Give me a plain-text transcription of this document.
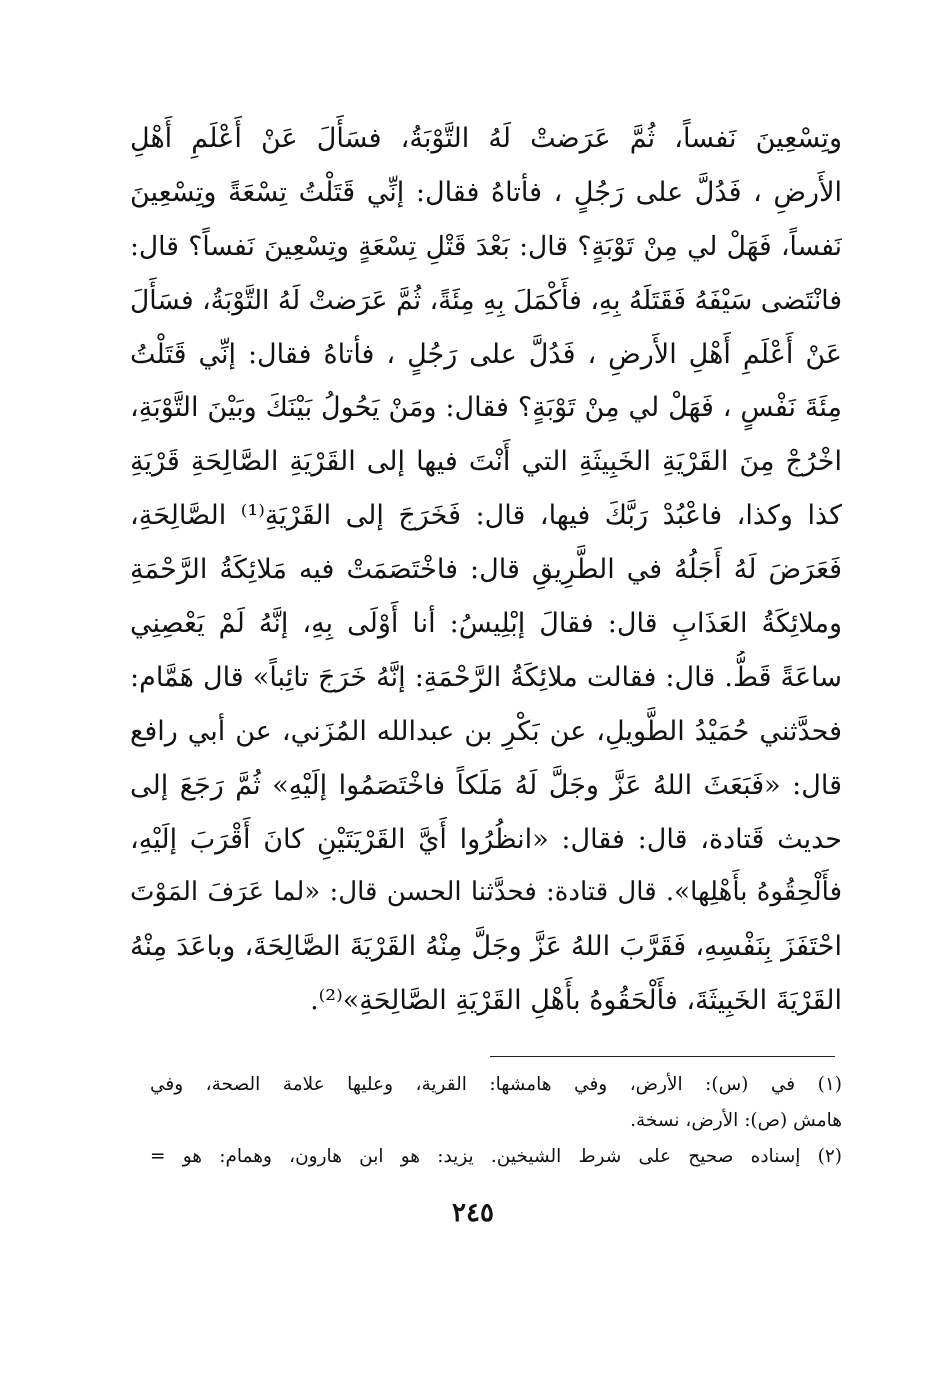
وتِسْعِينَ نَفساً، ثُمَّ عَرَضتْ لَهُ التَّوْبَةُ، فسَأَلَ عَنْ أَعْلَمِ أَهْلِ
الأَرضِ ، فَدُلَّ على رَجُلٍ ، فأتاهُ فقال: إنِّي قَتَلْتُ تِسْعَةً وتِسْعِينَ
نَفساً، فَهَلْ لي مِنْ تَوْبَةٍ؟ قال: بَعْدَ قَتْلِ تِسْعَةٍ وتِسْعِينَ نَفساً؟ قال:
فانْتَضى سَيْفَهُ فَقَتَلَهُ بِهِ، فأَكْمَلَ بِهِ مِئَةً، ثُمَّ عَرَضتْ لَهُ التَّوْبَةُ، فسَأَلَ
عَنْ أَعْلَمِ أَهْلِ الأَرضِ ، فَدُلَّ على رَجُلٍ ، فأتاهُ فقال: إنِّي قَتَلْتُ
مِئَةَ نَفْسٍ ، فَهَلْ لي مِنْ تَوْبَةٍ؟ فقال: ومَنْ يَحُولُ بَيْنَكَ وبَيْنَ التَّوْبَةِ،
اخْرُجْ مِنَ القَرْيَةِ الخَبِيثَةِ التي أَنْتَ فيها إلى القَرْيَةِ الصَّالِحَةِ قَرْيَةِ
كذا وكذا، فاعْبُدْ رَبَّكَ فيها، قال: فَخَرَجَ إلى القَرْيَةِ⁽¹⁾ الصَّالِحَةِ،
فَعَرَضَ لَهُ أَجَلُهُ في الطَّرِيقِ قال: فاخْتَصَمَتْ فيه مَلائِكَةُ الرَّحْمَةِ
وملائِكَةُ العَذَابِ قال: فقالَ إبْلِيسُ: أنا أَوْلَى بِهِ، إنَّهُ لَمْ يَعْصِنِي
ساعَةً قَطُّ. قال: فقالت ملائِكَةُ الرَّحْمَةِ: إنَّهُ خَرَجَ تائِباً» قال هَمَّام:
فحدَّثني حُمَيْدُ الطَّويلِ، عن بَكْرِ بن عبدالله المُزَني، عن أبي رافع
قال: «فَبَعَثَ اللهُ عَزَّ وجَلَّ لَهُ مَلَكاً فاخْتَصَمُوا إلَيْهِ» ثُمَّ رَجَعَ إلى
حديث قَتادة، قال: فقال: «انظُرُوا أَيَّ القَرْيَتَيْنِ كانَ أَقْرَبَ إلَيْهِ،
فأَلْحِقُوهُ بأَهْلِها». قال قتادة: فحدَّثنا الحسن قال: «لما عَرَفَ المَوْتَ
احْتَفَزَ بِنَفْسِهِ، فَقَرَّبَ اللهُ عَزَّ وجَلَّ مِنْهُ القَرْيَةَ الصَّالِحَةَ، وباعَدَ مِنْهُ
القَرْيَةَ الخَبِيثَةَ، فأَلْحَقُوهُ بأَهْلِ القَرْيَةِ الصَّالِحَةِ»⁽²⁾.
(١) في (س): الأرض، وفي هامشها: القرية، وعليها علامة الصحة، وفي
هامش (ص): الأرض، نسخة.
(٢) إسناده صحيح على شرط الشيخين. يزيد: هو ابن هارون، وهمام: هو =
٢٤٥
